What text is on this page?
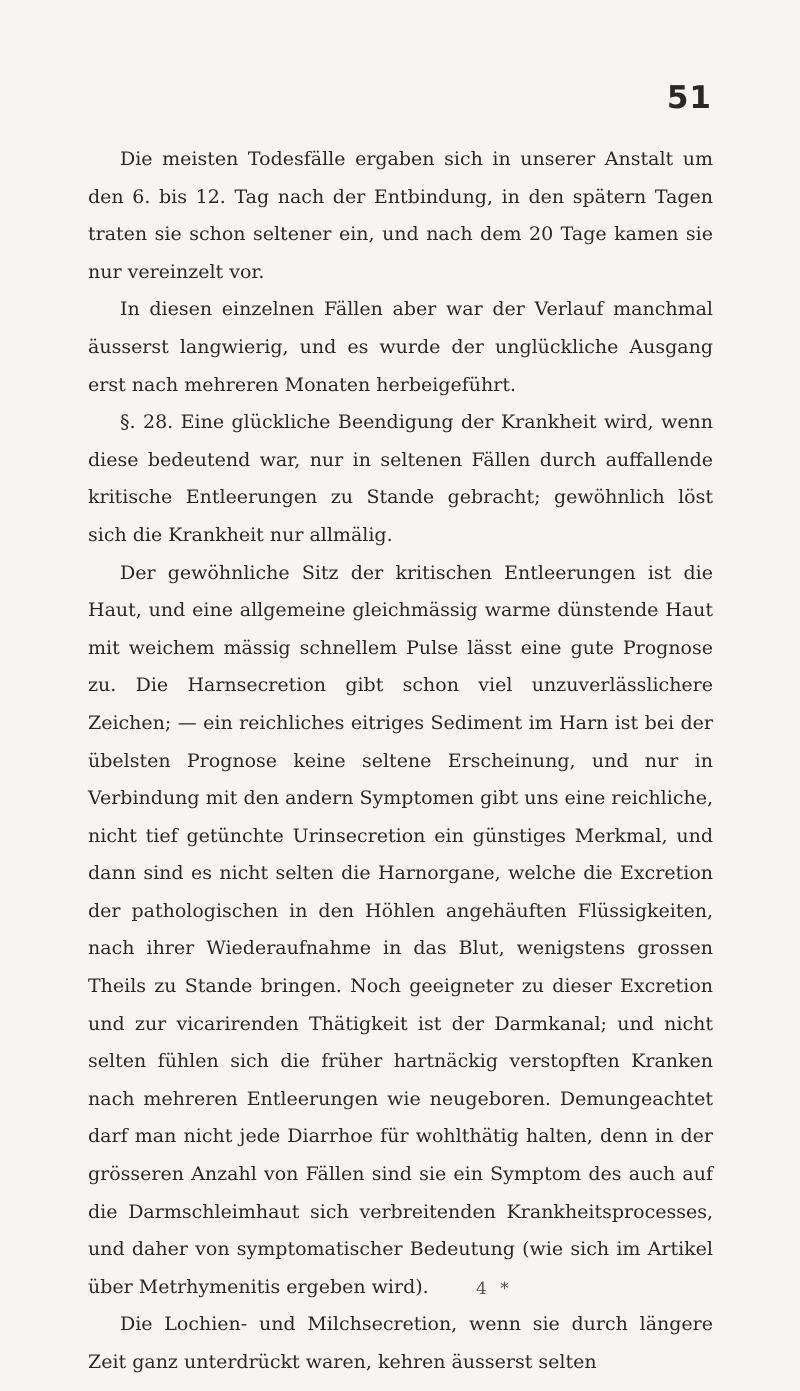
51

Die meisten Todesfälle ergaben sich in unserer Anstalt um den 6. bis 12. Tag nach der Entbindung, in den spätern Tagen traten sie schon seltener ein, und nach dem 20 Tage kamen sie nur vereinzelt vor.

In diesen einzelnen Fällen aber war der Verlauf manchmal äusserst langwierig, und es wurde der unglückliche Ausgang erst nach mehreren Monaten herbeigeführt.

§. 28. Eine glückliche Beendigung der Krankheit wird, wenn diese bedeutend war, nur in seltenen Fällen durch auffallende kritische Entleerungen zu Stande gebracht; gewöhnlich löst sich die Krankheit nur allmälig.

Der gewöhnliche Sitz der kritischen Entleerungen ist die Haut, und eine allgemeine gleichmässig warme dünstende Haut mit weichem mässig schnellem Pulse lässt eine gute Prognose zu. Die Harnsecretion gibt schon viel unzuverlässlichere Zeichen; — ein reichliches eitriges Sediment im Harn ist bei der übelsten Prognose keine seltene Erscheinung, und nur in Verbindung mit den andern Symptomen gibt uns eine reichliche, nicht tief getünchte Urinsecretion ein günstiges Merkmal, und dann sind es nicht selten die Harnorgane, welche die Excretion der pathologischen in den Höhlen angehäuften Flüssigkeiten, nach ihrer Wiederaufnahme in das Blut, wenigstens grossen Theils zu Stande bringen. Noch geeigneter zu dieser Excretion und zur vicarirenden Thätigkeit ist der Darmkanal; und nicht selten fühlen sich die früher hartnäckig verstopften Kranken nach mehreren Entleerungen wie neugeboren. Demungeachtet darf man nicht jede Diarrhoe für wohlthätig halten, denn in der grösseren Anzahl von Fällen sind sie ein Symptom des auch auf die Darmschleimhaut sich verbreitenden Krankheitsprocesses, und daher von symptomatischer Bedeutung (wie sich im Artikel über Metrhymenitis ergeben wird).

Die Lochien- und Milchsecretion, wenn sie durch längere Zeit ganz unterdrückt waren, kehren äusserst selten

4 *
